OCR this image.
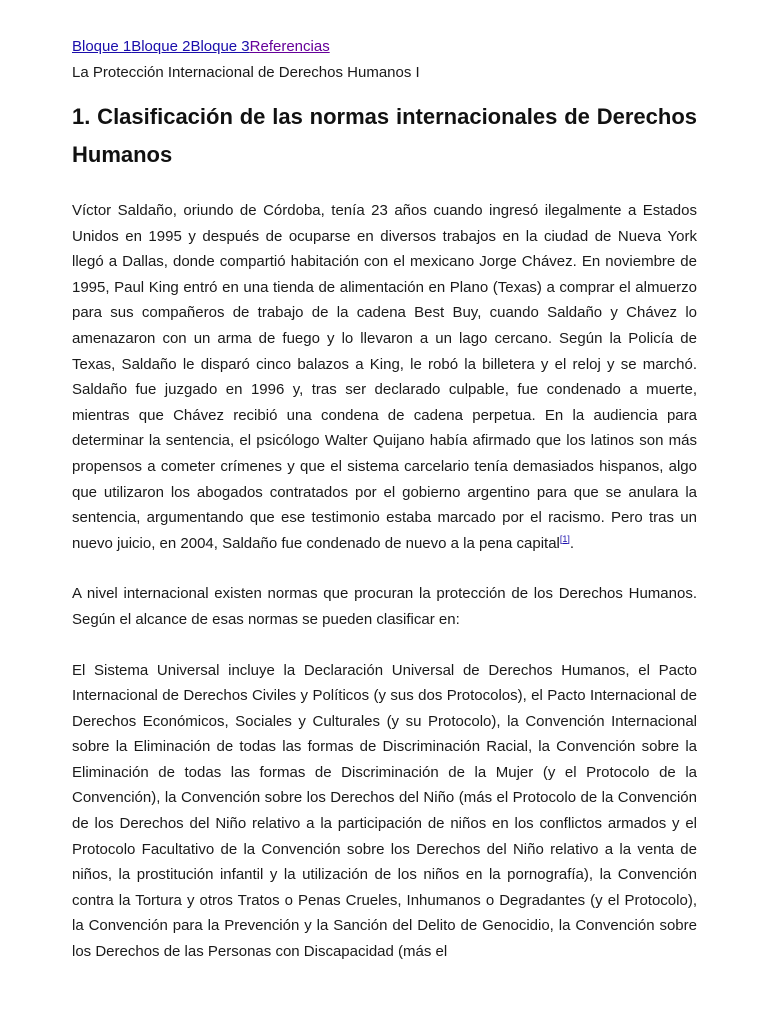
Bloque 1Bloque 2Bloque 3Referencias

La Protección Internacional de Derechos Humanos I

1. Clasificación de las normas internacionales de Derechos Humanos

Víctor Saldaño, oriundo de Córdoba, tenía 23 años cuando ingresó ilegalmente a Estados Unidos en 1995 y después de ocuparse en diversos trabajos en la ciudad de Nueva York llegó a Dallas, donde compartió habitación con el mexicano Jorge Chávez. En noviembre de 1995, Paul King entró en una tienda de alimentación en Plano (Texas) a comprar el almuerzo para sus compañeros de trabajo de la cadena Best Buy, cuando Saldaño y Chávez lo amenazaron con un arma de fuego y lo llevaron a un lago cercano. Según la Policía de Texas, Saldaño le disparó cinco balazos a King, le robó la billetera y el reloj y se marchó. Saldaño fue juzgado en 1996 y, tras ser declarado culpable, fue condenado a muerte, mientras que Chávez recibió una condena de cadena perpetua. En la audiencia para determinar la sentencia, el psicólogo Walter Quijano había afirmado que los latinos son más propensos a cometer crímenes y que el sistema carcelario tenía demasiados hispanos, algo que utilizaron los abogados contratados por el gobierno argentino para que se anulara la sentencia, argumentando que ese testimonio estaba marcado por el racismo. Pero tras un nuevo juicio, en 2004, Saldaño fue condenado de nuevo a la pena capital[1].

A nivel internacional existen normas que procuran la protección de los Derechos Humanos. Según el alcance de esas normas se pueden clasificar en:

El Sistema Universal incluye la Declaración Universal de Derechos Humanos, el Pacto Internacional de Derechos Civiles y Políticos (y sus dos Protocolos), el Pacto Internacional de Derechos Económicos, Sociales y Culturales (y su Protocolo), la Convención Internacional sobre la Eliminación de todas las formas de Discriminación Racial, la Convención sobre la Eliminación de todas las formas de Discriminación de la Mujer (y el Protocolo de la Convención), la Convención sobre los Derechos del Niño (más el Protocolo de la Convención de los Derechos del Niño relativo a la participación de niños en los conflictos armados y el Protocolo Facultativo de la Convención sobre los Derechos del Niño relativo a la venta de niños, la prostitución infantil y la utilización de los niños en la pornografía), la Convención contra la Tortura y otros Tratos o Penas Crueles, Inhumanos o Degradantes (y el Protocolo), la Convención para la Prevención y la Sanción del Delito de Genocidio, la Convención sobre los Derechos de las Personas con Discapacidad (más el
